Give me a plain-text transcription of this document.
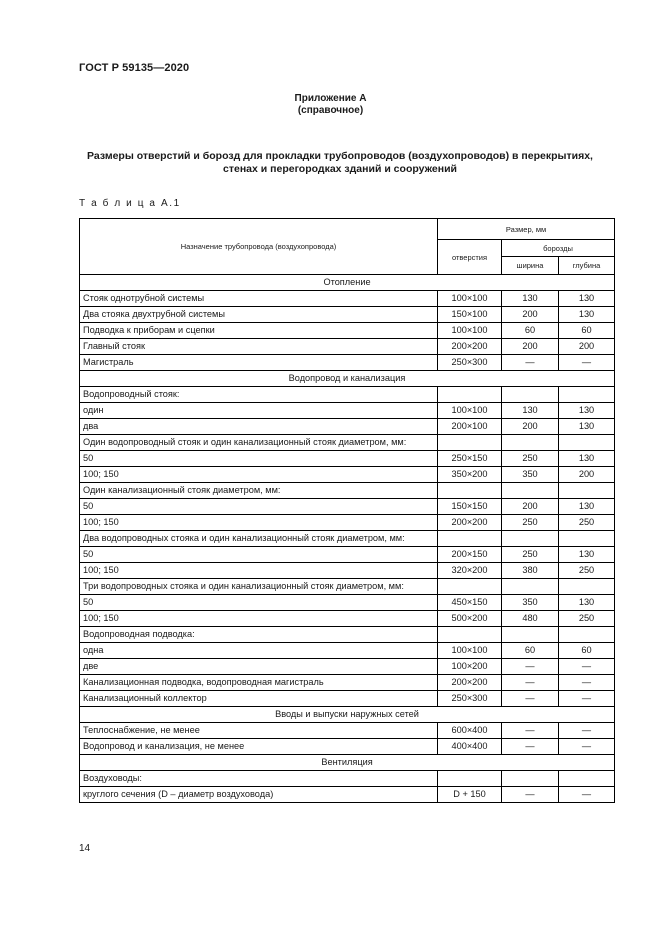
ГОСТ Р 59135—2020
Приложение А
(справочное)
Размеры отверстий и борозд для прокладки трубопроводов (воздухопроводов) в перекрытиях,
стенах и перегородках зданий и сооружений
Т а б л и ц а А.1
Назначение трубопровода (воздухопровода)	Размер, мм		
	отверстия	борозды	
		ширина	глубина
Отопление			
Стояк однотрубной системы	100×100	130	130
Два стояка двухтрубной системы	150×100	200	130
Подводка к приборам и сцепки	100×100	60	60
Главный стояк	200×200	200	200
Магистраль	250×300	—	—
Водопровод и канализация			
Водопроводный стояк:			
один	100×100	130	130
два	200×100	200	130
Один водопроводный стояк и один канализационный стояк диаметром, мм:			
50	250×150	250	130
100; 150	350×200	350	200
Один канализационный стояк диаметром, мм:			
50	150×150	200	130
100; 150	200×200	250	250
Два водопроводных стояка и один канализационный стояк диаметром, мм:			
50	200×150	250	130
100; 150	320×200	380	250
Три водопроводных стояка и один канализационный стояк диаметром, мм:			
50	450×150	350	130
100; 150	500×200	480	250
Водопроводная подводка:			
одна	100×100	60	60
две	100×200	—	—
Канализационная подводка, водопроводная магистраль	200×200	—	—
Канализационный коллектор	250×300	—	—
Вводы и выпуски наружных сетей			
Теплоснабжение, не менее	600×400	—	—
Водопровод и канализация, не менее	400×400	—	—
Вентиляция			
Воздуховоды:			
круглого сечения (D – диаметр воздуховода)	D + 150	—	—
14
